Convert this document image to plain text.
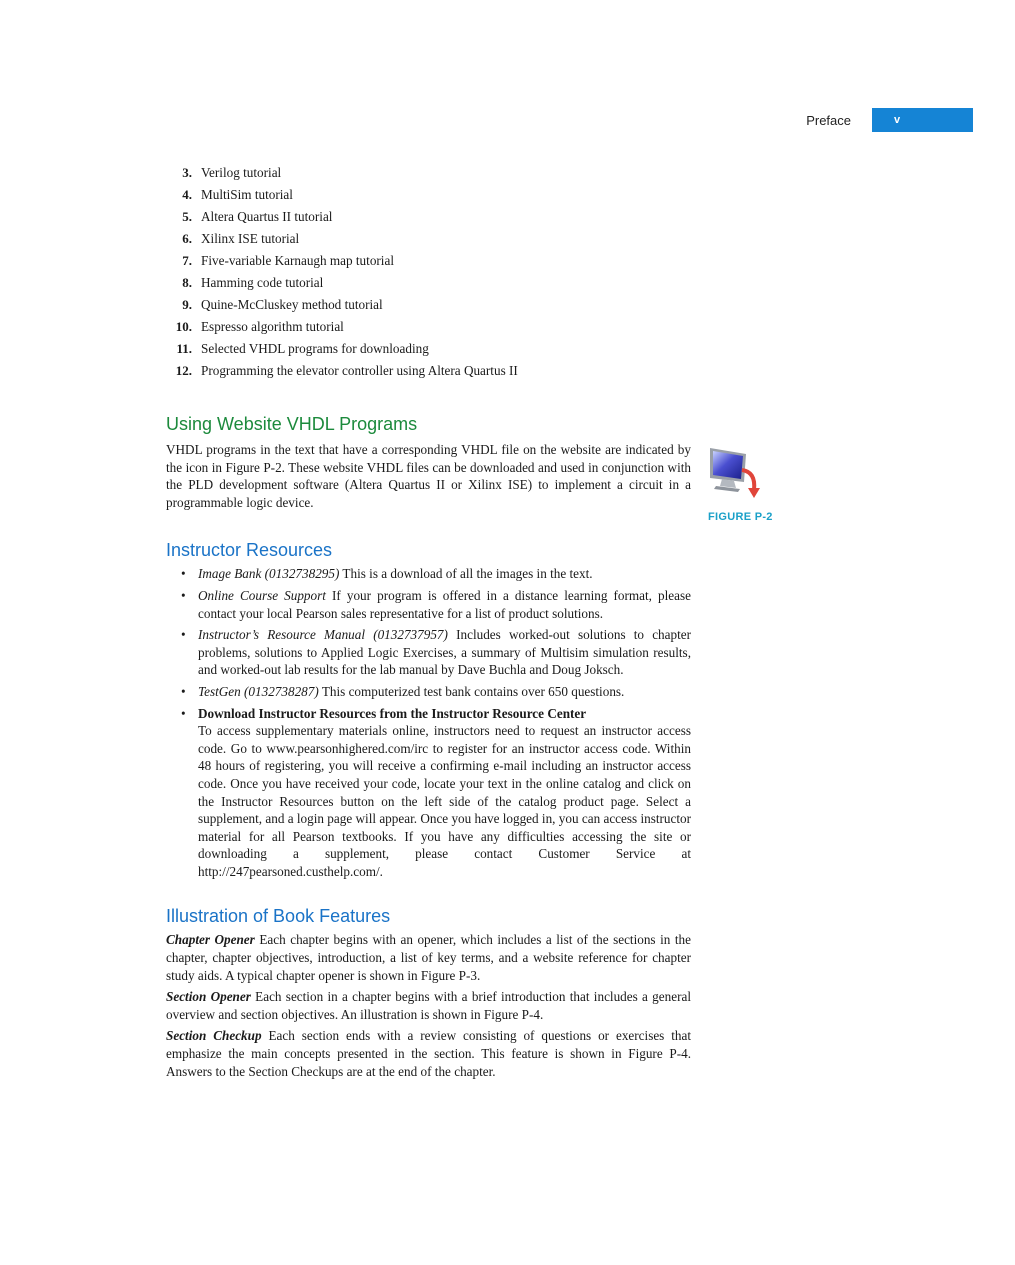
Preface	v
3. Verilog tutorial
4. MultiSim tutorial
5. Altera Quartus II tutorial
6. Xilinx ISE tutorial
7. Five-variable Karnaugh map tutorial
8. Hamming code tutorial
9. Quine-McCluskey method tutorial
10. Espresso algorithm tutorial
11. Selected VHDL programs for downloading
12. Programming the elevator controller using Altera Quartus II
Using Website VHDL Programs

VHDL programs in the text that have a corresponding VHDL file on the website are indicated by the icon in Figure P-2. These website VHDL files can be downloaded and used in conjunction with the PLD development software (Altera Quartus II or Xilinx ISE) to implement a circuit in a programmable logic device.

Instructor Resources
• Image Bank (0132738295) This is a download of all the images in the text.
• Online Course Support If your program is offered in a distance learning format, please contact your local Pearson sales representative for a list of product solutions.
• Instructor’s Resource Manual (0132737957) Includes worked-out solutions to chapter problems, solutions to Applied Logic Exercises, a summary of Multisim simulation results, and worked-out lab results for the lab manual by Dave Buchla and Doug Joksch.
• TestGen (0132738287) This computerized test bank contains over 650 questions.
• Download Instructor Resources from the Instructor Resource Center
To access supplementary materials online, instructors need to request an instructor access code. Go to www.pearsonhighered.com/irc to register for an instructor access code. Within 48 hours of registering, you will receive a confirming e-mail including an instructor access code. Once you have received your code, locate your text in the online catalog and click on the Instructor Resources button on the left side of the catalog product page. Select a supplement, and a login page will appear. Once you have logged in, you can access instructor material for all Pearson textbooks. If you have any difficulties accessing the site or downloading a supplement, please contact Customer Service at http://247pearsoned.custhelp.com/.
Illustration of Book Features

Chapter Opener Each chapter begins with an opener, which includes a list of the sections in the chapter, chapter objectives, introduction, a list of key terms, and a website reference for chapter study aids. A typical chapter opener is shown in Figure P-3.

Section Opener Each section in a chapter begins with a brief introduction that includes a general overview and section objectives. An illustration is shown in Figure P-4.

Section Checkup Each section ends with a review consisting of questions or exercises that emphasize the main concepts presented in the section. This feature is shown in Figure P-4. Answers to the Section Checkups are at the end of the chapter.

FIGURE P-2
